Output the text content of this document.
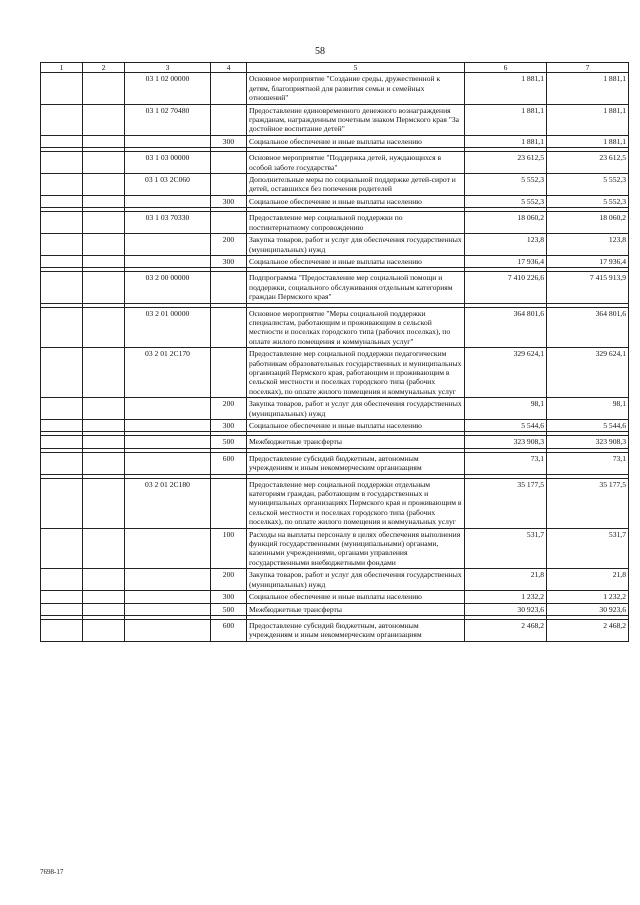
58
1	2	3	4	5	6	7
		03 1 02 00000		Основное мероприятие "Создание среды, дружественной к детям, благоприятной для развития семьи и семейных отношений"	1 881,1	1 881,1
		03 1 02 70480		Предоставление единовременного денежного вознаграждения гражданам, награжденным почетным знаком Пермского края "За достойное воспитание детей"	1 881,1	1 881,1
			300	Социальное обеспечение и иные выплаты населению	1 881,1	1 881,1

		03 1 03 00000		Основное мероприятие "Поддержка детей, нуждающихся в особой заботе государства"	23 612,5	23 612,5
		03 1 03 2С060		Дополнительные меры по социальной поддержке детей-сирот и детей, оставшихся без попечения родителей	5 552,3	5 552,3
			300	Социальное обеспечение и иные выплаты населению	5 552,3	5 552,3

		03 1 03 70330		Предоставление мер социальной поддержки по постинтернатному сопровождению	18 060,2	18 060,2
			200	Закупка товаров, работ и услуг для обеспечения государственных (муниципальных) нужд	123,8	123,8
			300	Социальное обеспечение и иные выплаты населению	17 936,4	17 936,4

		03 2 00 00000		Подпрограмма "Предоставление мер социальной помощи и поддержки, социального обслуживания отдельным категориям граждан Пермского края"	7 410 226,6	7 415 913,9

		03 2 01 00000		Основное мероприятие "Меры социальной поддержки специалистам, работающим и проживающим в сельской местности и поселках городского типа (рабочих поселках), по оплате жилого помещения и коммунальных услуг"	364 801,6	364 801,6
		03 2 01 2С170		Предоставление мер социальной поддержки педагогическим работникам образовательных государственных и муниципальных организаций Пермского края, работающим и проживающим в сельской местности и поселках городского типа (рабочих поселках), по оплате жилого помещения и коммунальных услуг	329 624,1	329 624,1
			200	Закупка товаров, работ и услуг для обеспечения государственных (муниципальных) нужд	98,1	98,1
			300	Социальное обеспечение и иные выплаты населению	5 544,6	5 544,6

			500	Межбюджетные трансферты	323 908,3	323 908,3

			600	Предоставление субсидий бюджетным, автономным учреждениям и иным некоммерческим организациям	73,1	73,1

		03 2 01 2С180		Предоставление мер социальной поддержки отдельным категориям граждан, работающим в государственных и муниципальных организациях Пермского края и проживающим в сельской местности и поселках городского типа (рабочих поселках), по оплате жилого помещения и коммунальных услуг	35 177,5	35 177,5
			100	Расходы на выплаты персоналу в целях обеспечения выполнения функций государственными (муниципальными) органами, казенными учреждениями, органами управления государственными внебюджетными фондами	531,7	531,7
			200	Закупка товаров, работ и услуг для обеспечения государственных (муниципальных) нужд	21,8	21,8
			300	Социальное обеспечение и иные выплаты населению	1 232,2	1 232,2
			500	Межбюджетные трансферты	30 923,6	30 923,6

			600	Предоставление субсидий бюджетным, автономным учреждениям и иным некоммерческим организациям	2 468,2	2 468,2
7698-17
